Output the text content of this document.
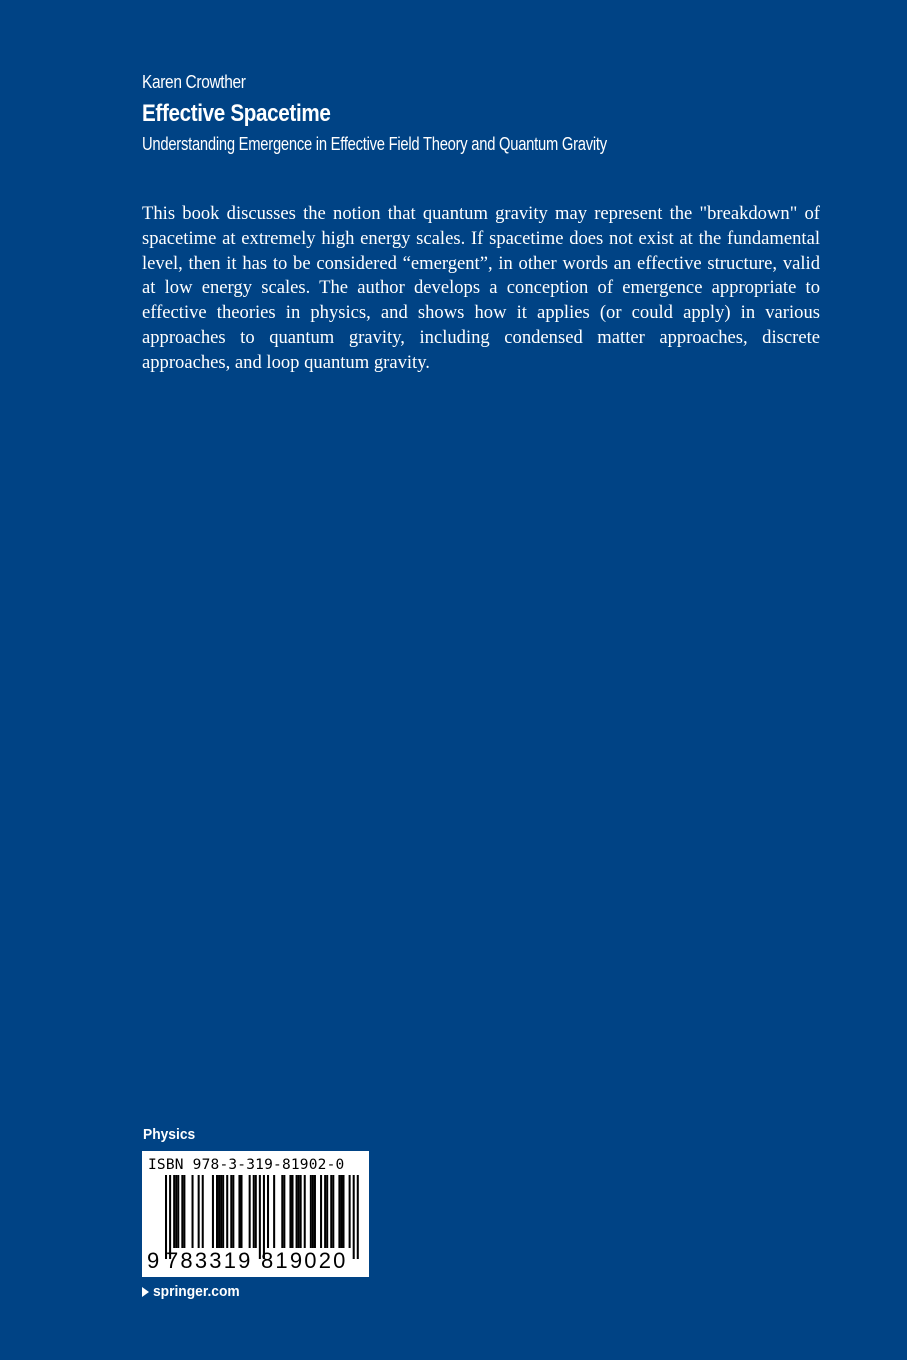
Karen Crowther
Effective Spacetime
Understanding Emergence in Effective Field Theory and Quantum Gravity

This book discusses the notion that quantum gravity may represent the "breakdown" of spacetime at extremely high energy scales. If spacetime does not exist at the fundamental level, then it has to be considered “emergent”, in other words an effective structure, valid at low energy scales. The author develops a conception of emergence appropriate to effective theories in physics, and shows how it applies (or could apply) in various approaches to quantum gravity, including condensed matter approaches, discrete approaches, and loop quantum gravity.

Physics
ISBN 978-3-319-81902-0
9 783319 819020
springer.com
